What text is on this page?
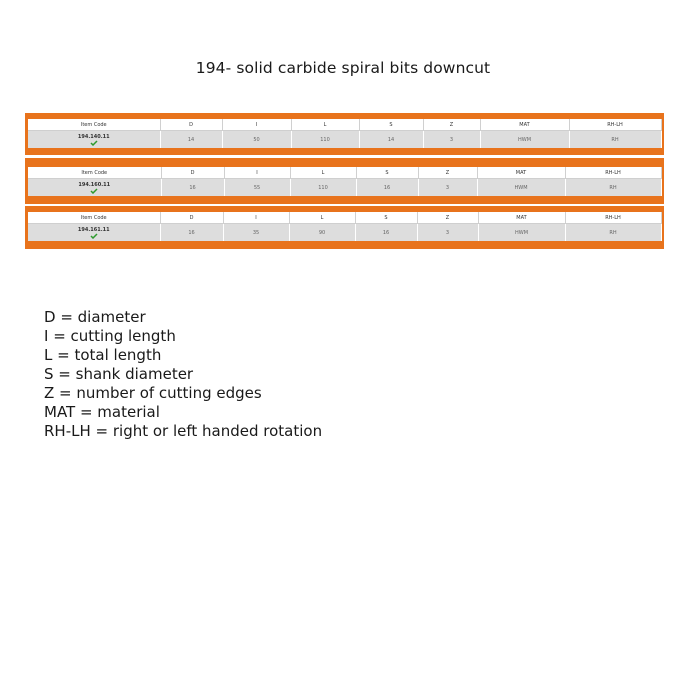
194- solid carbide spiral bits downcut
Item Code	D	I	L	S	Z	MAT	RH-LH
194.140.11	14	50	110	14	3	HWM	RH
Item Code	D	I	L	S	Z	MAT	RH-LH
194.160.11	16	55	110	16	3	HWM	RH
Item Code	D	I	L	S	Z	MAT	RH-LH
194.161.11	16	35	90	16	3	HWM	RH
D = diameter
I = cutting length
L = total length
S = shank diameter
Z = number of cutting edges
MAT = material
RH-LH = right or left handed rotation
